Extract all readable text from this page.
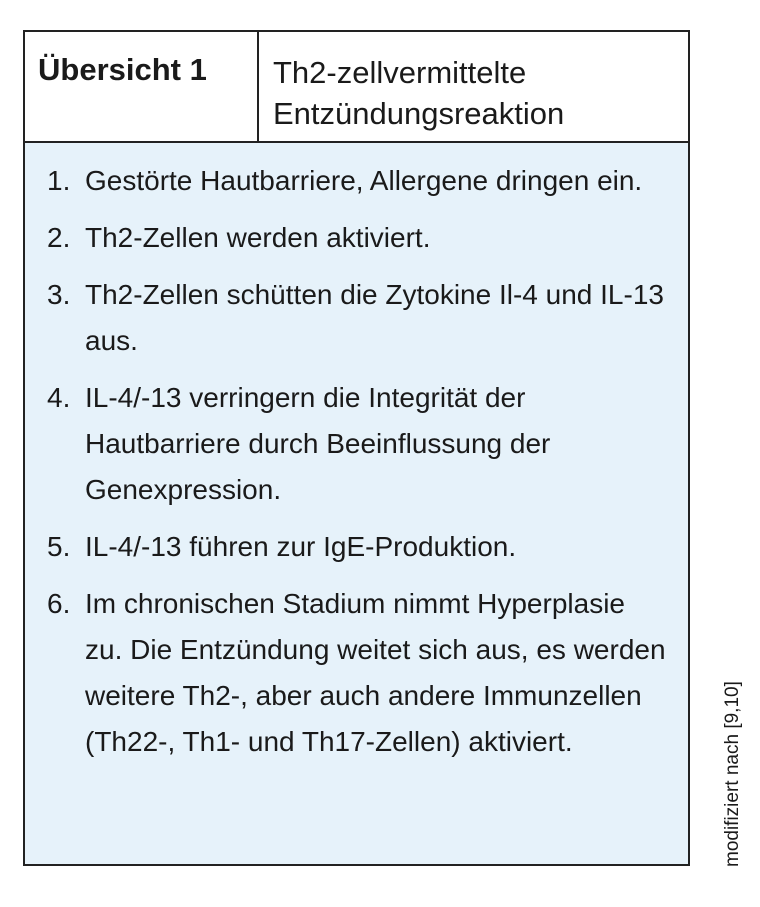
Übersicht 1	Th2-zellvermittelte
Entzündungsreaktion
1. Gestörte Hautbarriere, Allergene dringen ein.
2. Th2-Zellen werden aktiviert.
3. Th2-Zellen schütten die Zytokine Il-4 und IL-13 aus.
4. IL-4/-13 verringern die Integrität der Hautbarriere durch Beeinflussung der Genexpression.
5. IL-4/-13 führen zur IgE-Produktion.
6. Im chronischen Stadium nimmt Hyperplasie zu. Die Entzündung weitet sich aus, es werden weitere Th2-, aber auch andere Immunzellen (Th22-, Th1- und Th17-Zellen) aktiviert.	modifiziert nach [9,10]
